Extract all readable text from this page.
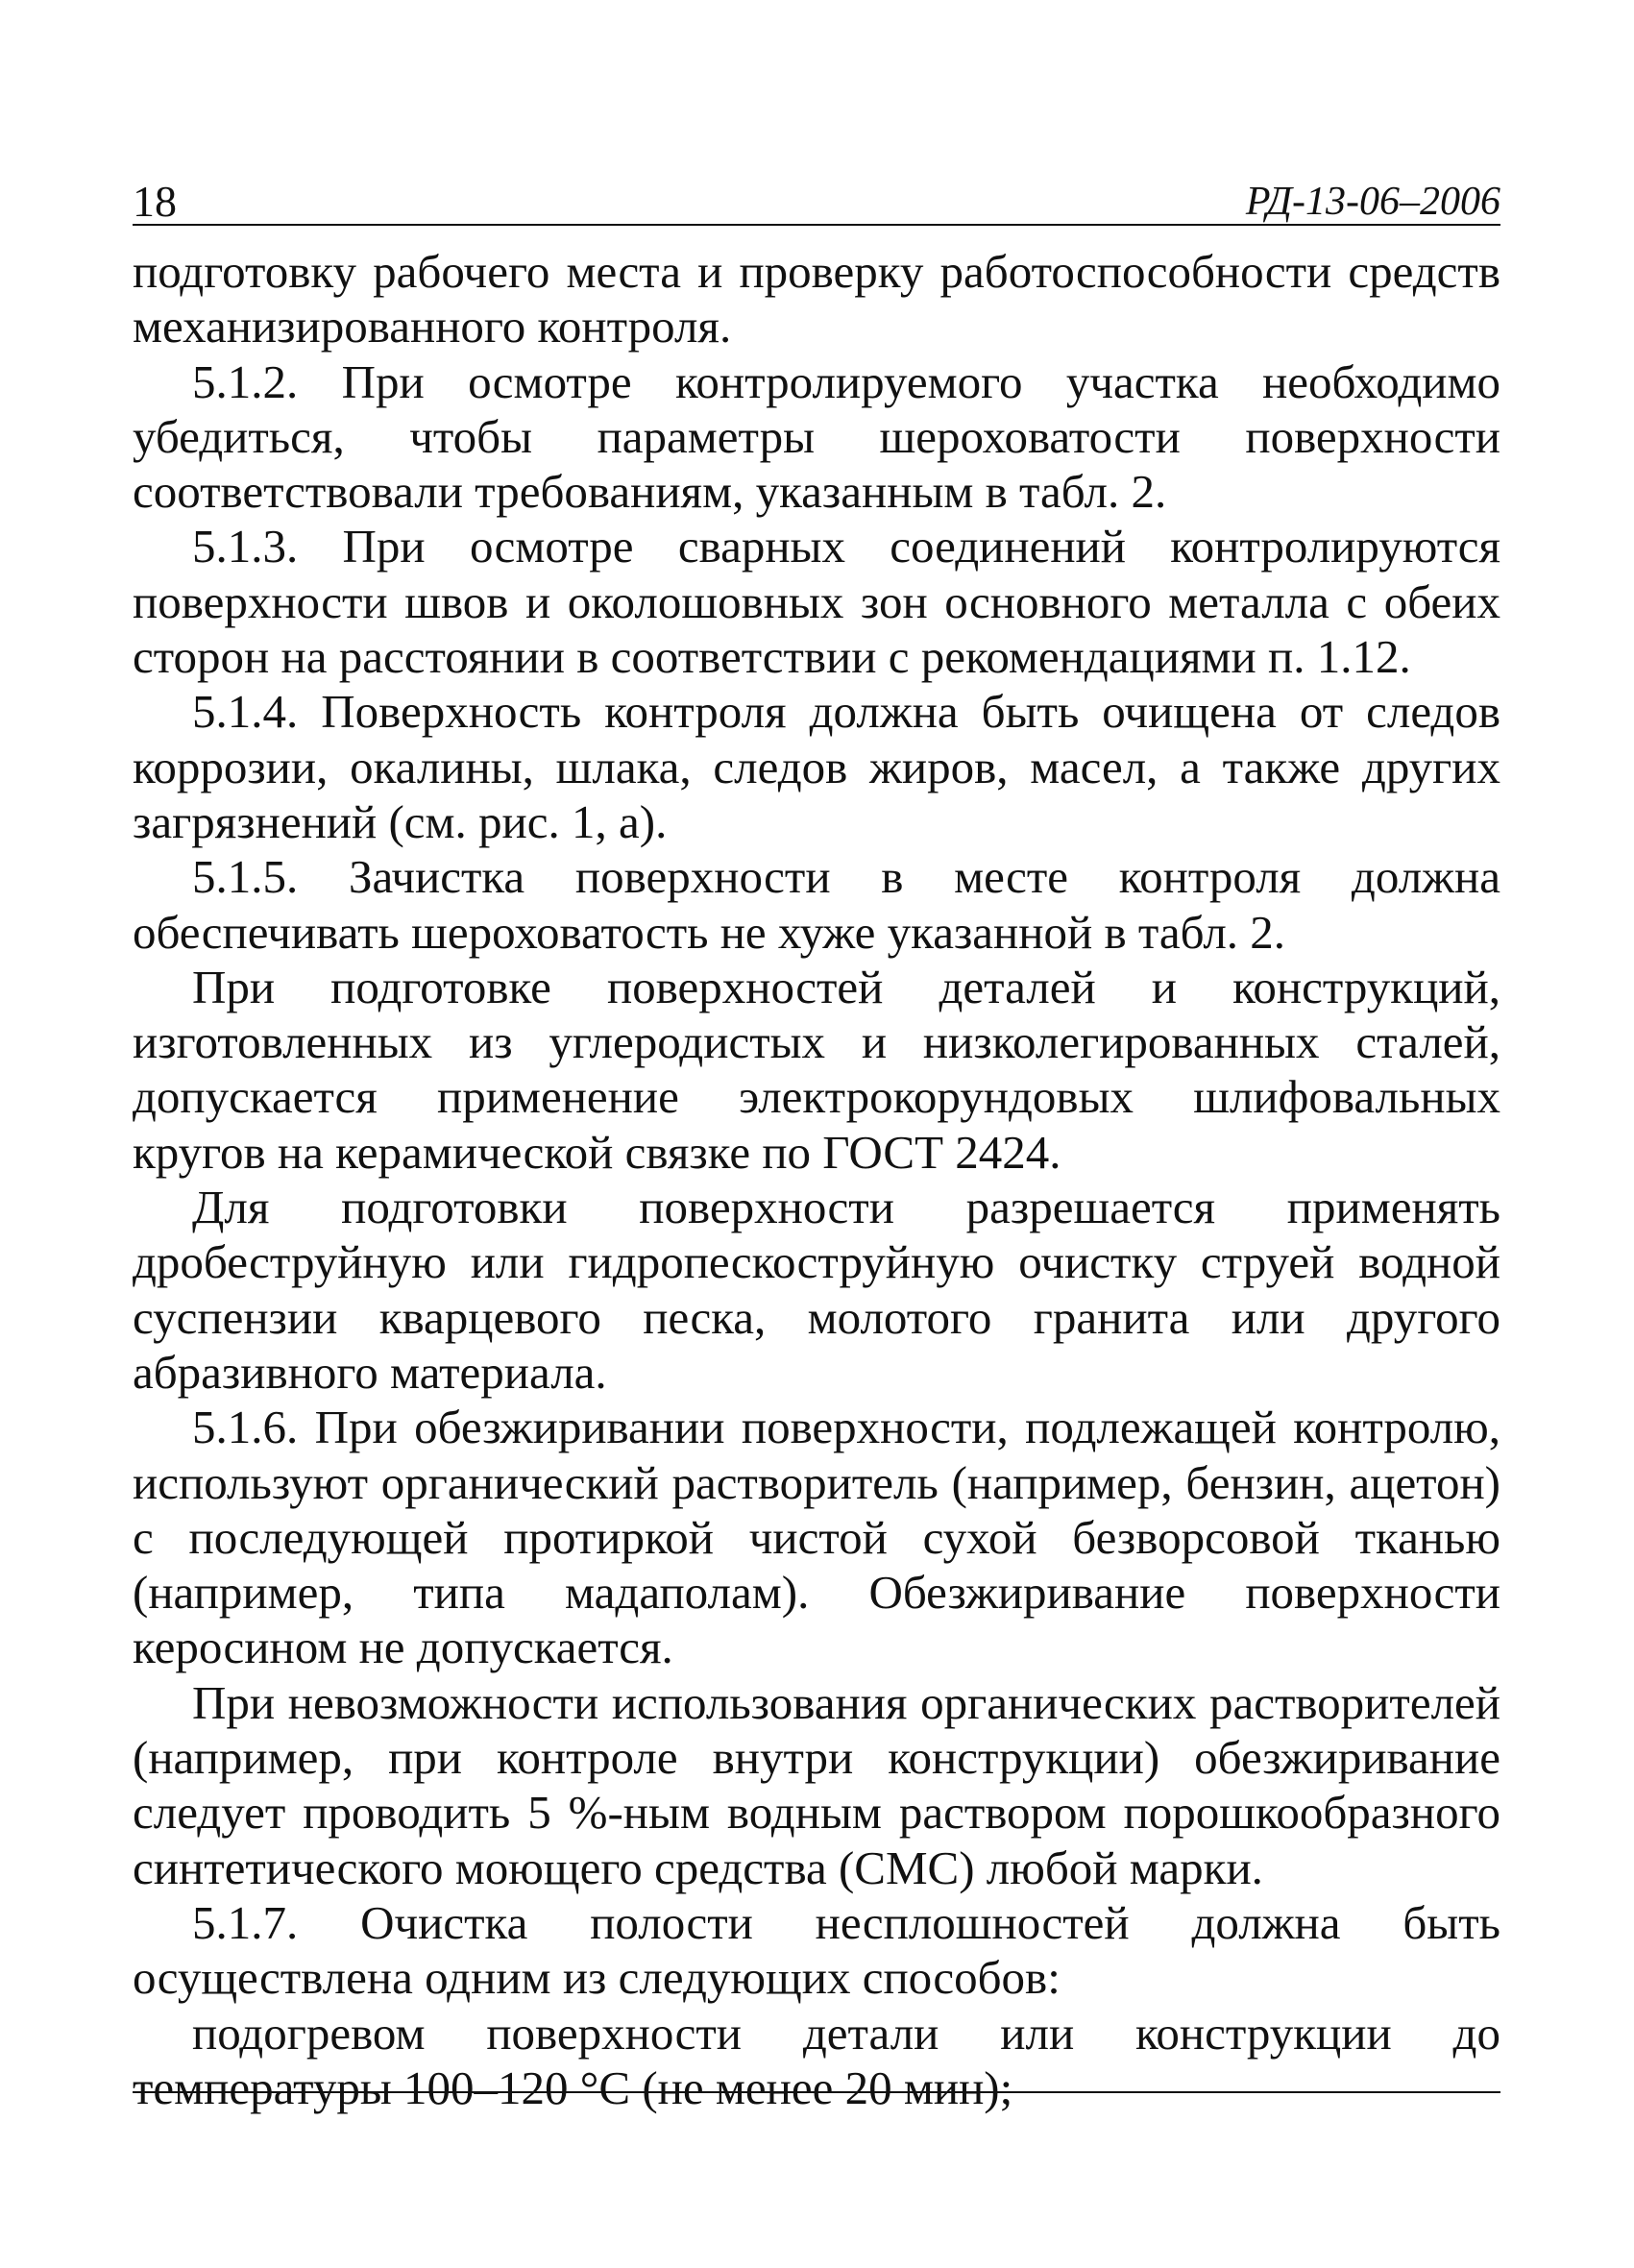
18	РД-13-06–2006

подготовку рабочего места и проверку работоспособности средств механизированного контроля.

5.1.2. При осмотре контролируемого участка необходимо убедиться, чтобы параметры шероховатости поверхности соответствовали требованиям, указанным в табл. 2.

5.1.3. При осмотре сварных соединений контролируются поверхности швов и околошовных зон основного металла с обеих сторон на расстоянии в соответствии с рекомендациями п. 1.12.

5.1.4. Поверхность контроля должна быть очищена от следов коррозии, окалины, шлака, следов жиров, масел, а также других загрязнений (см. рис. 1, а).

5.1.5. Зачистка поверхности в месте контроля должна обеспечивать шероховатость не хуже указанной в табл. 2.

При подготовке поверхностей деталей и конструкций, изготовленных из углеродистых и низколегированных сталей, допускается применение электрокорундовых шлифовальных кругов на керамической связке по ГОСТ 2424.

Для подготовки поверхности разрешается применять дробеструйную или гидропескоструйную очистку струей водной суспензии кварцевого песка, молотого гранита или другого абразивного материала.

5.1.6. При обезжиривании поверхности, подлежащей контролю, используют органический растворитель (например, бензин, ацетон) с последующей протиркой чистой сухой безворсовой тканью (например, типа мадаполам). Обезжиривание поверхности керосином не допускается.

При невозможности использования органических растворителей (например, при контроле внутри конструкции) обезжиривание следует проводить 5 %-ным водным раствором порошкообразного синтетического моющего средства (СМС) любой марки.

5.1.7. Очистка полости несплошностей должна быть осуществлена одним из следующих способов:

подогревом поверхности детали или конструкции до температуры 100–120 °С (не менее 20 мин);
